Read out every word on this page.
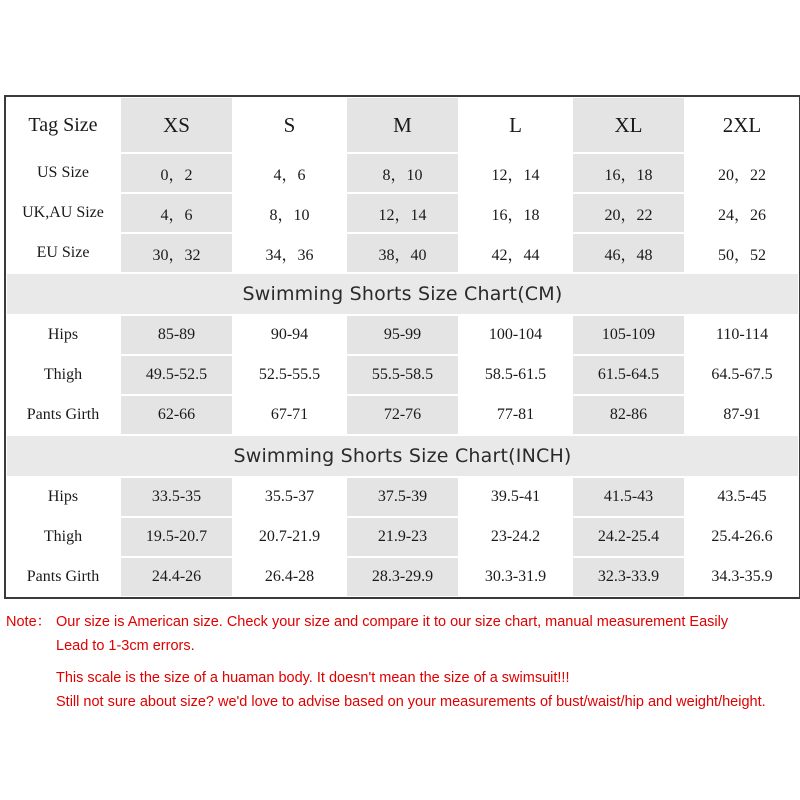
Tag Size	XS	S	M	L	XL	2XL
US Size	0，2	4，6	8，10	12，14	16，18	20，22
UK,AU Size	4，6	8，10	12，14	16，18	20，22	24，26
EU Size	30，32	34，36	38，40	42，44	46，48	50，52
Swimming Shorts Size Chart(CM)						
Hips	85-89	90-94	95-99	100-104	105-109	110-114
Thigh	49.5-52.5	52.5-55.5	55.5-58.5	58.5-61.5	61.5-64.5	64.5-67.5
Pants Girth	62-66	67-71	72-76	77-81	82-86	87-91
Swimming Shorts Size Chart(INCH)						
Hips	33.5-35	35.5-37	37.5-39	39.5-41	41.5-43	43.5-45
Thigh	19.5-20.7	20.7-21.9	21.9-23	23-24.2	24.2-25.4	25.4-26.6
Pants Girth	24.4-26	26.4-28	28.3-29.9	30.3-31.9	32.3-33.9	34.3-35.9
Note： Our size is American size. Check your size and compare it to our size chart, manual measurement Easily
Lead to 1-3cm errors.
This scale is the size of a huaman body. It doesn't mean the size of a swimsuit!!!
Still not sure about size? we'd love to advise based on your measurements of bust/waist/hip and weight/height.
